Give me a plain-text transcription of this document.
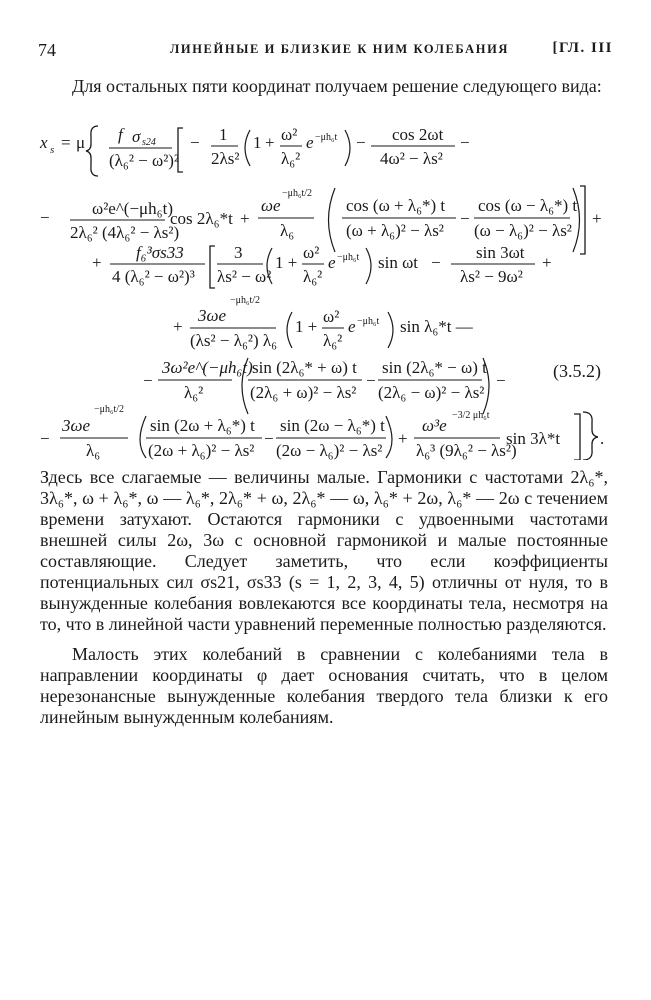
74	ЛИНЕЙНЫЕ И БЛИЗКИЕ К НИМ КОЛЕБАНИЯ	[ГЛ. III

Для остальных пяти координат получаем решение следующего вида:

x s = μ f σ s24
(λ₆² − ω²)²
− 1
2λs²
1 + ω²
λ₆²
e −μh₆t − cos 2ωt
4ω² − λs²
−
− ω²e^(−μh₆t)
2λ₆² (4λ₆² − λs²)
cos 2λ₆*t +
ωe
−μh₆t/2
λ₆
cos (ω + λ₆*) t
(ω + λ₆)² − λs²
−
cos (ω − λ₆*) t
(ω − λ₆)² − λs²
+
+
f₆³σs33
4 (λ₆² − ω²)³
3
λs² − ω²
1 +
ω²
λ₆²
e −μh₆t sin ωt −
sin 3ωt
λs² − 9ω²
+
+
3ωe
−μh₆t/2
(λs² − λ₆²) λ₆
1 +
ω²
λ₆²
e −μh₆t sin λ₆*t —
−
3ω²e^(−μh₆t)
λ₆²
sin (2λ₆* + ω) t
(2λ₆ + ω)² − λs²
−
sin (2λ₆* − ω) t
(2λ₆ − ω)² − λs²
−
−
3ωe
−μh₆t/2
λ₆
sin (2ω + λ₆*) t
(2ω + λ₆)² − λs²
−
sin (2ω − λ₆*) t
(2ω − λ₆)² − λs²
+
ω³e
−3/2 μh₆t
λ₆³ (9λ₆² − λs²)
sin 3λ*t .
(3.5.2)

Здесь все слагаемые — величины малые. Гармоники с частотами 2λ₆*, 3λ₆*, ω + λ₆*, ω — λ₆*, 2λ₆* + ω, 2λ₆* — ω, λ₆* + 2ω, λ₆* — 2ω с течением времени затухают. Остаются гармоники с удвоенными частотами внешней силы 2ω, 3ω с основной гармоникой и малые постоянные составляющие. Следует заметить, что если коэффициенты потенциальных сил σs21, σs33 (s = 1, 2, 3, 4, 5) отличны от нуля, то в вынужденные колебания вовлекаются все координаты тела, несмотря на то, что в линейной части уравнений переменные полностью разделяются.

Малость этих колебаний в сравнении с колебаниями тела в направлении координаты φ дает основания считать, что в целом нерезонансные вынужденные колебания твердого тела близки к его линейным вынужденным колебаниям.
